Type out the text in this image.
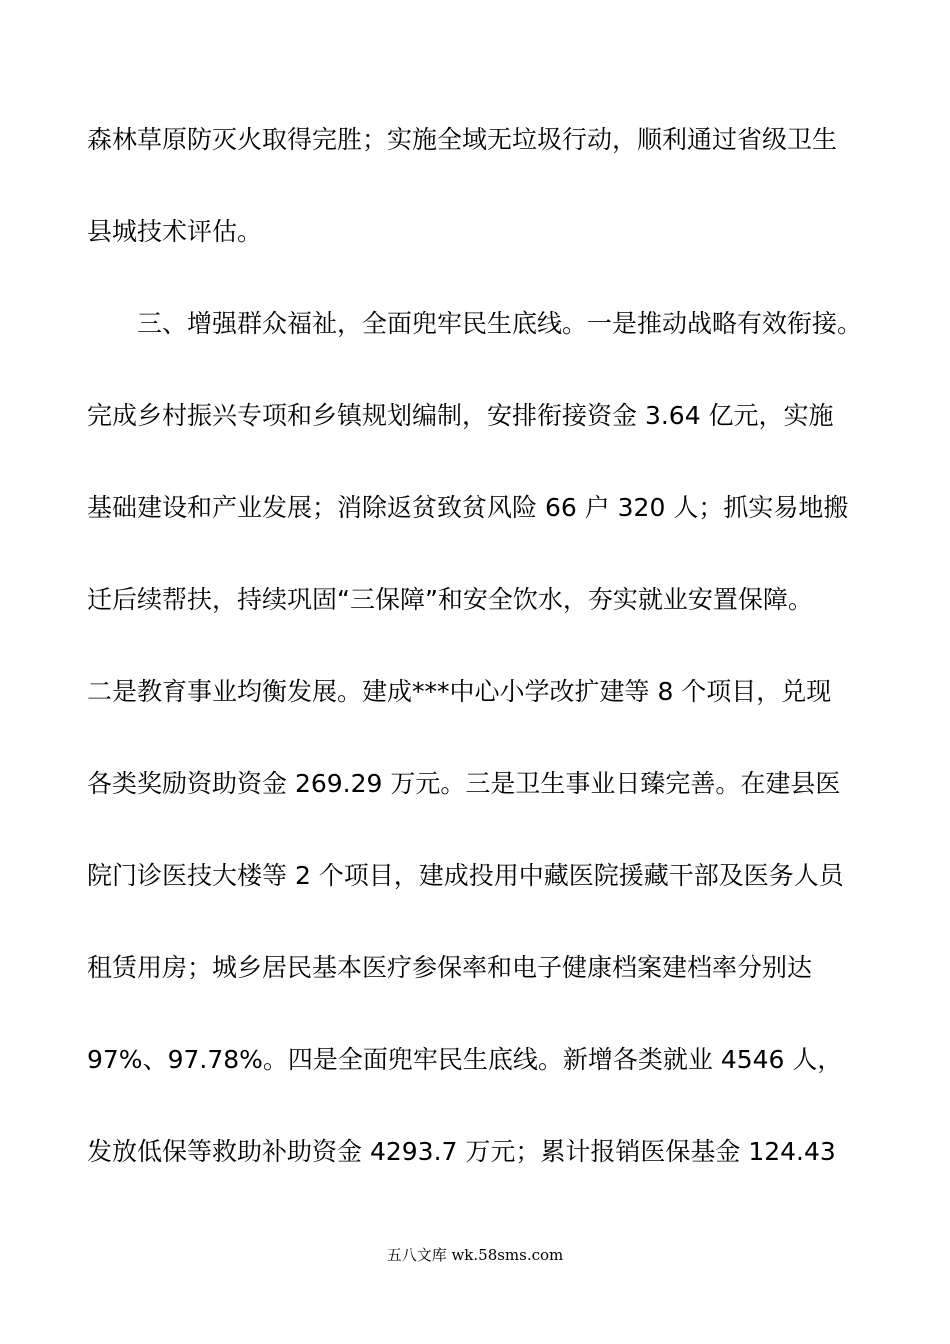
森林草原防灭火取得完胜；实施全域无垃圾行动，顺利通过省级卫生
县城技术评估。
三、增强群众福祉，全面兜牢民生底线。一是推动战略有效衔接。
完成乡村振兴专项和乡镇规划编制，安排衔接资金 3.64 亿元，实施
基础建设和产业发展；消除返贫致贫风险 66 户 320 人；抓实易地搬
迁后续帮扶，持续巩固“三保障”和安全饮水，夯实就业安置保障。
二是教育事业均衡发展。建成***中心小学改扩建等 8 个项目，兑现
各类奖励资助资金 269.29 万元。三是卫生事业日臻完善。在建县医
院门诊医技大楼等 2 个项目，建成投用中藏医院援藏干部及医务人员
租赁用房；城乡居民基本医疗参保率和电子健康档案建档率分别达
97%、97.78%。四是全面兜牢民生底线。新增各类就业 4546 人，
发放低保等救助补助资金 4293.7 万元；累计报销医保基金 124.43
五八文库 wk.58sms.com
